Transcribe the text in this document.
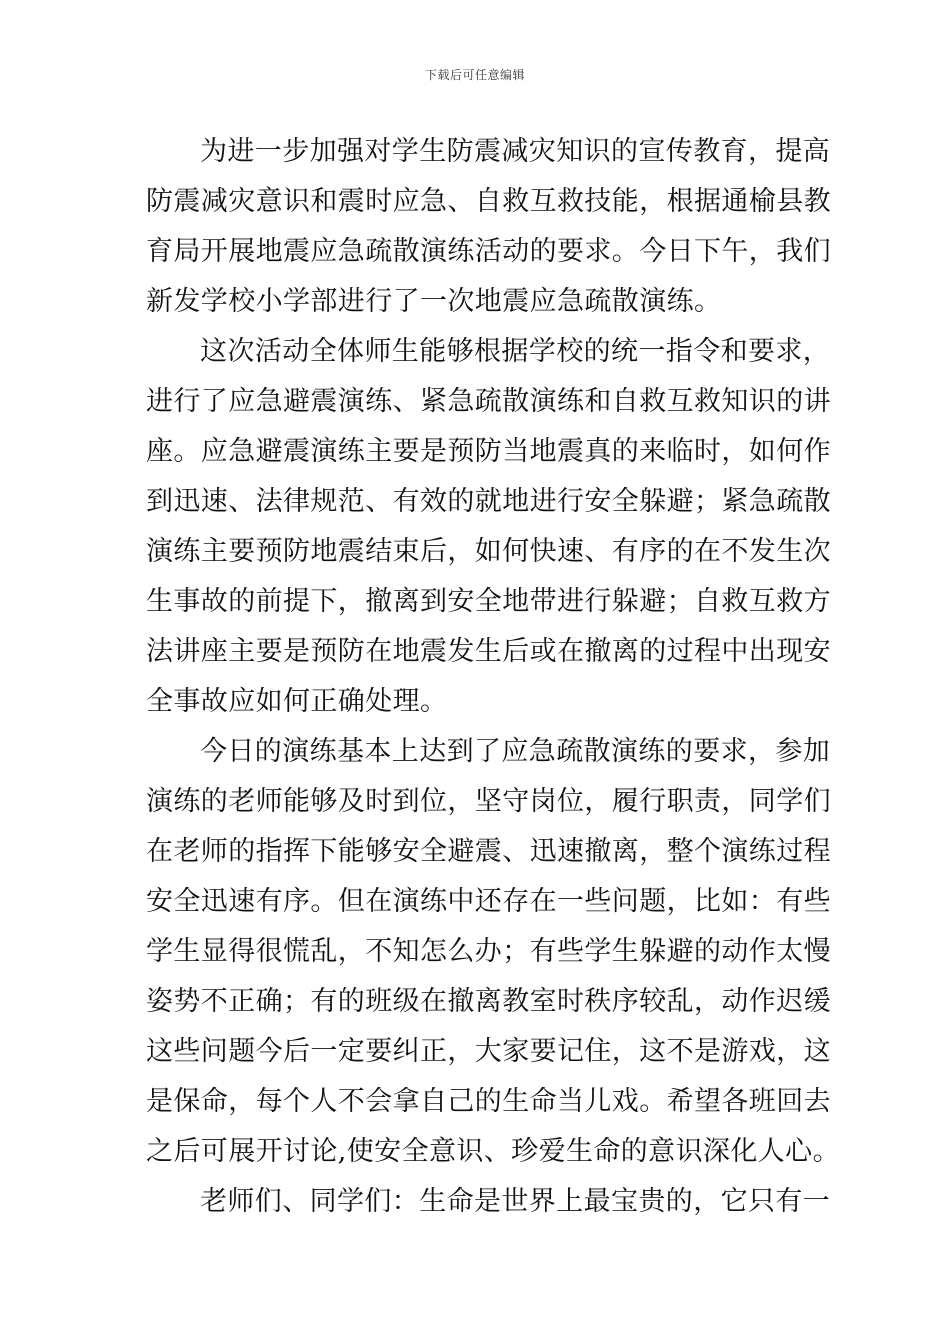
下载后可任意编辑
为进一步加强对学生防震减灾知识的宣传教育，提高
防震减灾意识和震时应急、自救互救技能，根据通榆县教
育局开展地震应急疏散演练活动的要求。今日下午，我们
新发学校小学部进行了一次地震应急疏散演练。
这次活动全体师生能够根据学校的统一指令和要求，
进行了应急避震演练、紧急疏散演练和自救互救知识的讲
座。应急避震演练主要是预防当地震真的来临时，如何作
到迅速、法律规范、有效的就地进行安全躲避；紧急疏散
演练主要预防地震结束后，如何快速、有序的在不发生次
生事故的前提下，撤离到安全地带进行躲避；自救互救方
法讲座主要是预防在地震发生后或在撤离的过程中出现安
全事故应如何正确处理。
今日的演练基本上达到了应急疏散演练的要求，参加
演练的老师能够及时到位，坚守岗位，履行职责，同学们
在老师的指挥下能够安全避震、迅速撤离，整个演练过程
安全迅速有序。但在演练中还存在一些问题，比如：有些
学生显得很慌乱，不知怎么办；有些学生躲避的动作太慢
姿势不正确；有的班级在撤离教室时秩序较乱，动作迟缓
这些问题今后一定要纠正，大家要记住，这不是游戏，这
是保命，每个人不会拿自己的生命当儿戏。希望各班回去
之后可展开讨论,使安全意识、珍爱生命的意识深化人心。
老师们、同学们：生命是世界上最宝贵的，它只有一
